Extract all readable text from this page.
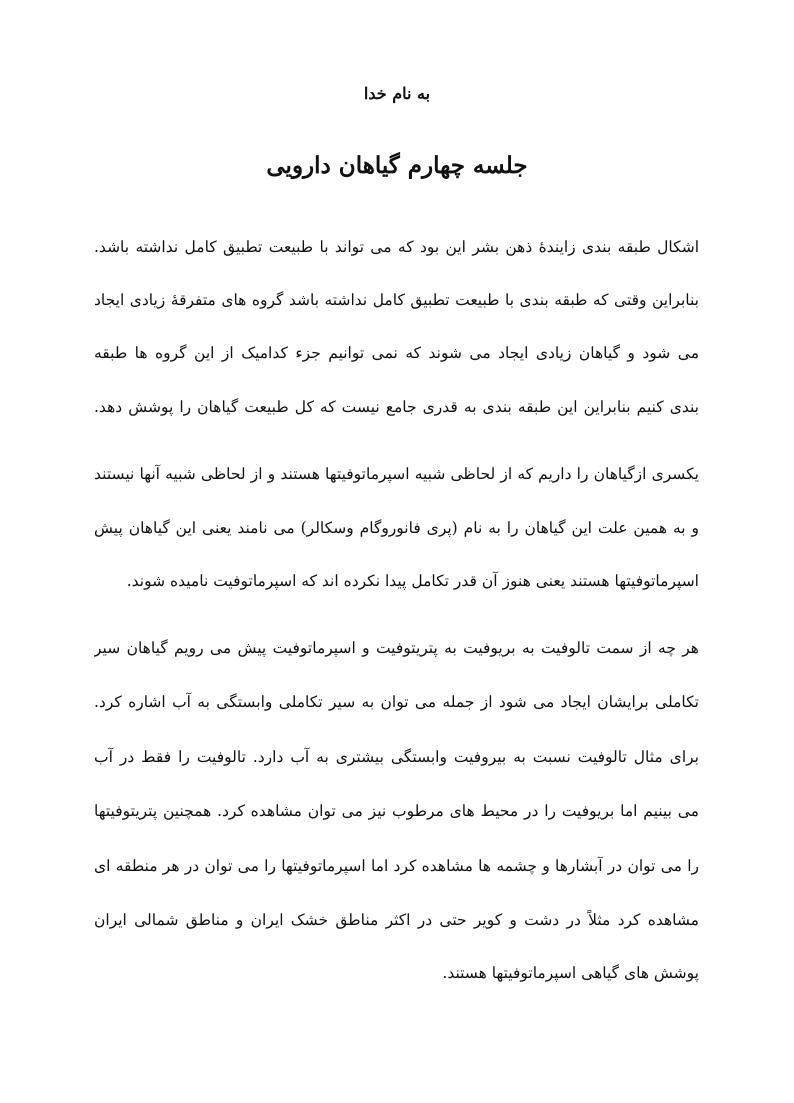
به نام خدا
جلسه چهارم گیاهان دارویی
اشکال طبقه بندی زایندهٔ ذهن بشر این بود که می تواند با طبیعت تطبیق کامل نداشته باشد.
بنابراین وقتی که طبقه بندی با طبیعت تطبیق کامل نداشته باشد گروه های متفرقهٔ زیادی ایجاد
می شود و گیاهان زیادی ایجاد می شوند که نمی توانیم جزء کدامیک از این گروه ها طبقه
بندی کنیم بنابراین این طبقه بندی به قدری جامع نیست که کل طبیعت گیاهان را پوشش دهد.
یکسری ازگیاهان را داریم که از لحاظی شبیه اسپرماتوفیتها هستند و از لحاظی شبیه آنها نیستند
و به همین علت این گیاهان را به نام (پری فانوروگام وسکالر) می نامند یعنی این گیاهان پیش
اسپرماتوفیتها هستند یعنی هنوز آن قدر تکامل پیدا نکرده اند که اسپرماتوفیت نامیده شوند.
هر چه از سمت تالوفیت به بریوفیت به پتریتوفیت و اسپرماتوفیت پیش می رویم گیاهان سیر
تکاملی برایشان ایجاد می شود از جمله می توان به سیر تکاملی وابستگی به آب اشاره کرد.
برای مثال تالوفیت نسبت به بیروفیت وابستگی بیشتری به آب دارد. تالوفیت را فقط در آب
می بینیم اما بریوفیت را در محیط های مرطوب نیز می توان مشاهده کرد. همچنین پتریتوفیتها
را می توان در آبشارها و چشمه ها مشاهده کرد اما اسپرماتوفیتها را می توان در هر منطقه ای
مشاهده کرد مثلاً در دشت و کویر حتی در اکثر مناطق خشک ایران و مناطق شمالی ایران
پوشش های گیاهی اسپرماتوفیتها هستند.
